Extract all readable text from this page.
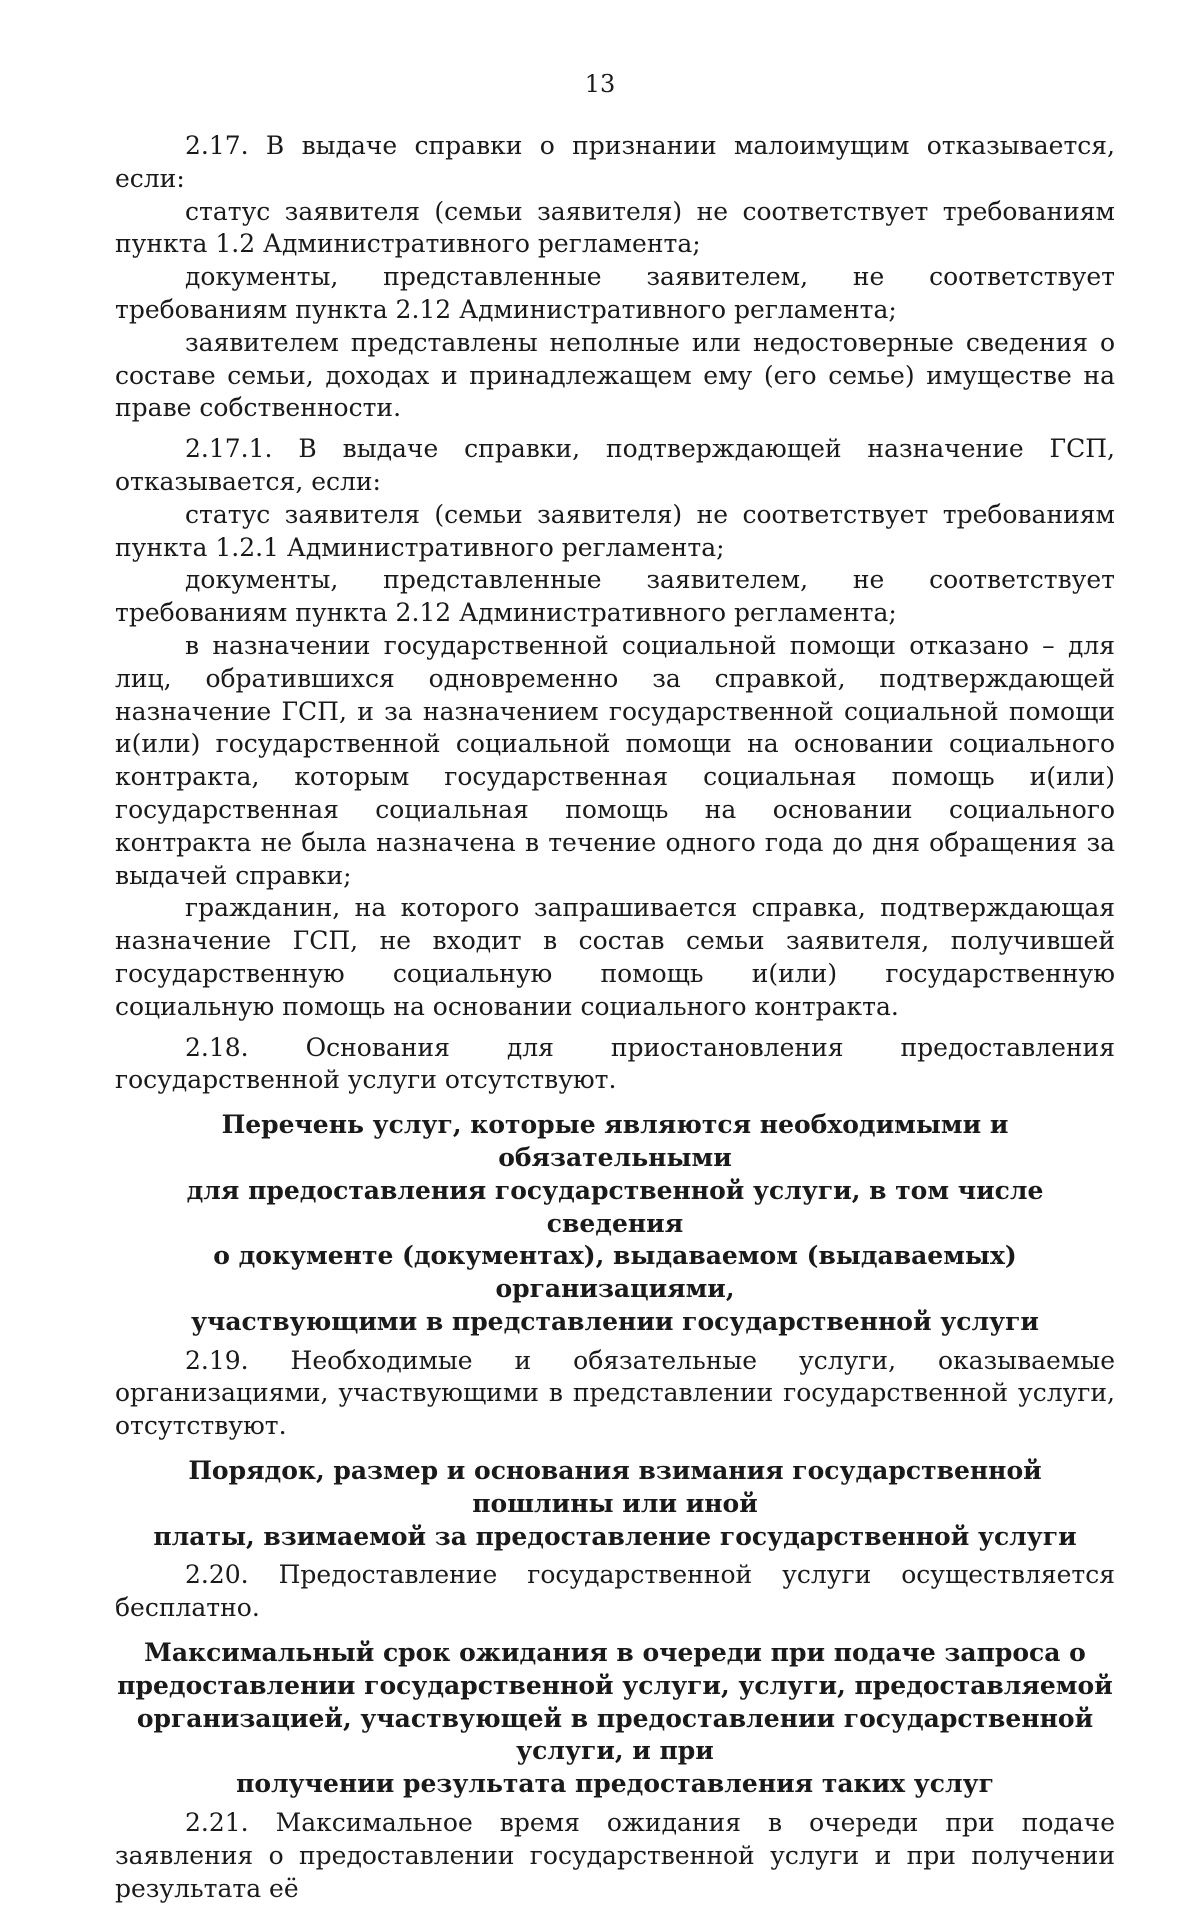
13

2.17. В выдаче справки о признании малоимущим отказывается, если:

статус заявителя (семьи заявителя) не соответствует требованиям пункта 1.2 Административного регламента;

документы, представленные заявителем, не соответствует требованиям пункта 2.12 Административного регламента;

заявителем представлены неполные или недостоверные сведения о составе семьи, доходах и принадлежащем ему (его семье) имуществе на праве собственности.

2.17.1. В выдаче справки, подтверждающей назначение ГСП, отказывается, если:

статус заявителя (семьи заявителя) не соответствует требованиям пункта 1.2.1 Административного регламента;

документы, представленные заявителем, не соответствует требованиям пункта 2.12 Административного регламента;

в назначении государственной социальной помощи отказано – для лиц, обратившихся одновременно за справкой, подтверждающей назначение ГСП, и за назначением государственной социальной помощи и(или) государственной социальной помощи на основании социального контракта, которым государственная социальная помощь и(или) государственная социальная помощь на основании социального контракта не была назначена в течение одного года до дня обращения за выдачей справки;

гражданин, на которого запрашивается справка, подтверждающая назначение ГСП, не входит в состав семьи заявителя, получившей государственную социальную помощь и(или) государственную социальную помощь на основании социального контракта.

2.18. Основания для приостановления предоставления государственной услуги отсутствуют.

Перечень услуг, которые являются необходимыми и обязательными
для предоставления государственной услуги, в том числе сведения
о документе (документах), выдаваемом (выдаваемых) организациями,
участвующими в представлении государственной услуги

2.19. Необходимые и обязательные услуги, оказываемые организациями, участвующими в представлении государственной услуги, отсутствуют.

Порядок, размер и основания взимания государственной пошлины или иной
платы, взимаемой за предоставление государственной услуги

2.20. Предоставление государственной услуги осуществляется бесплатно.

Максимальный срок ожидания в очереди при подаче запроса о
предоставлении государственной услуги, услуги, предоставляемой
организацией, участвующей в предоставлении государственной услуги, и при
получении результата предоставления таких услуг

2.21. Максимальное время ожидания в очереди при подаче заявления о предоставлении государственной услуги и при получении результата её
